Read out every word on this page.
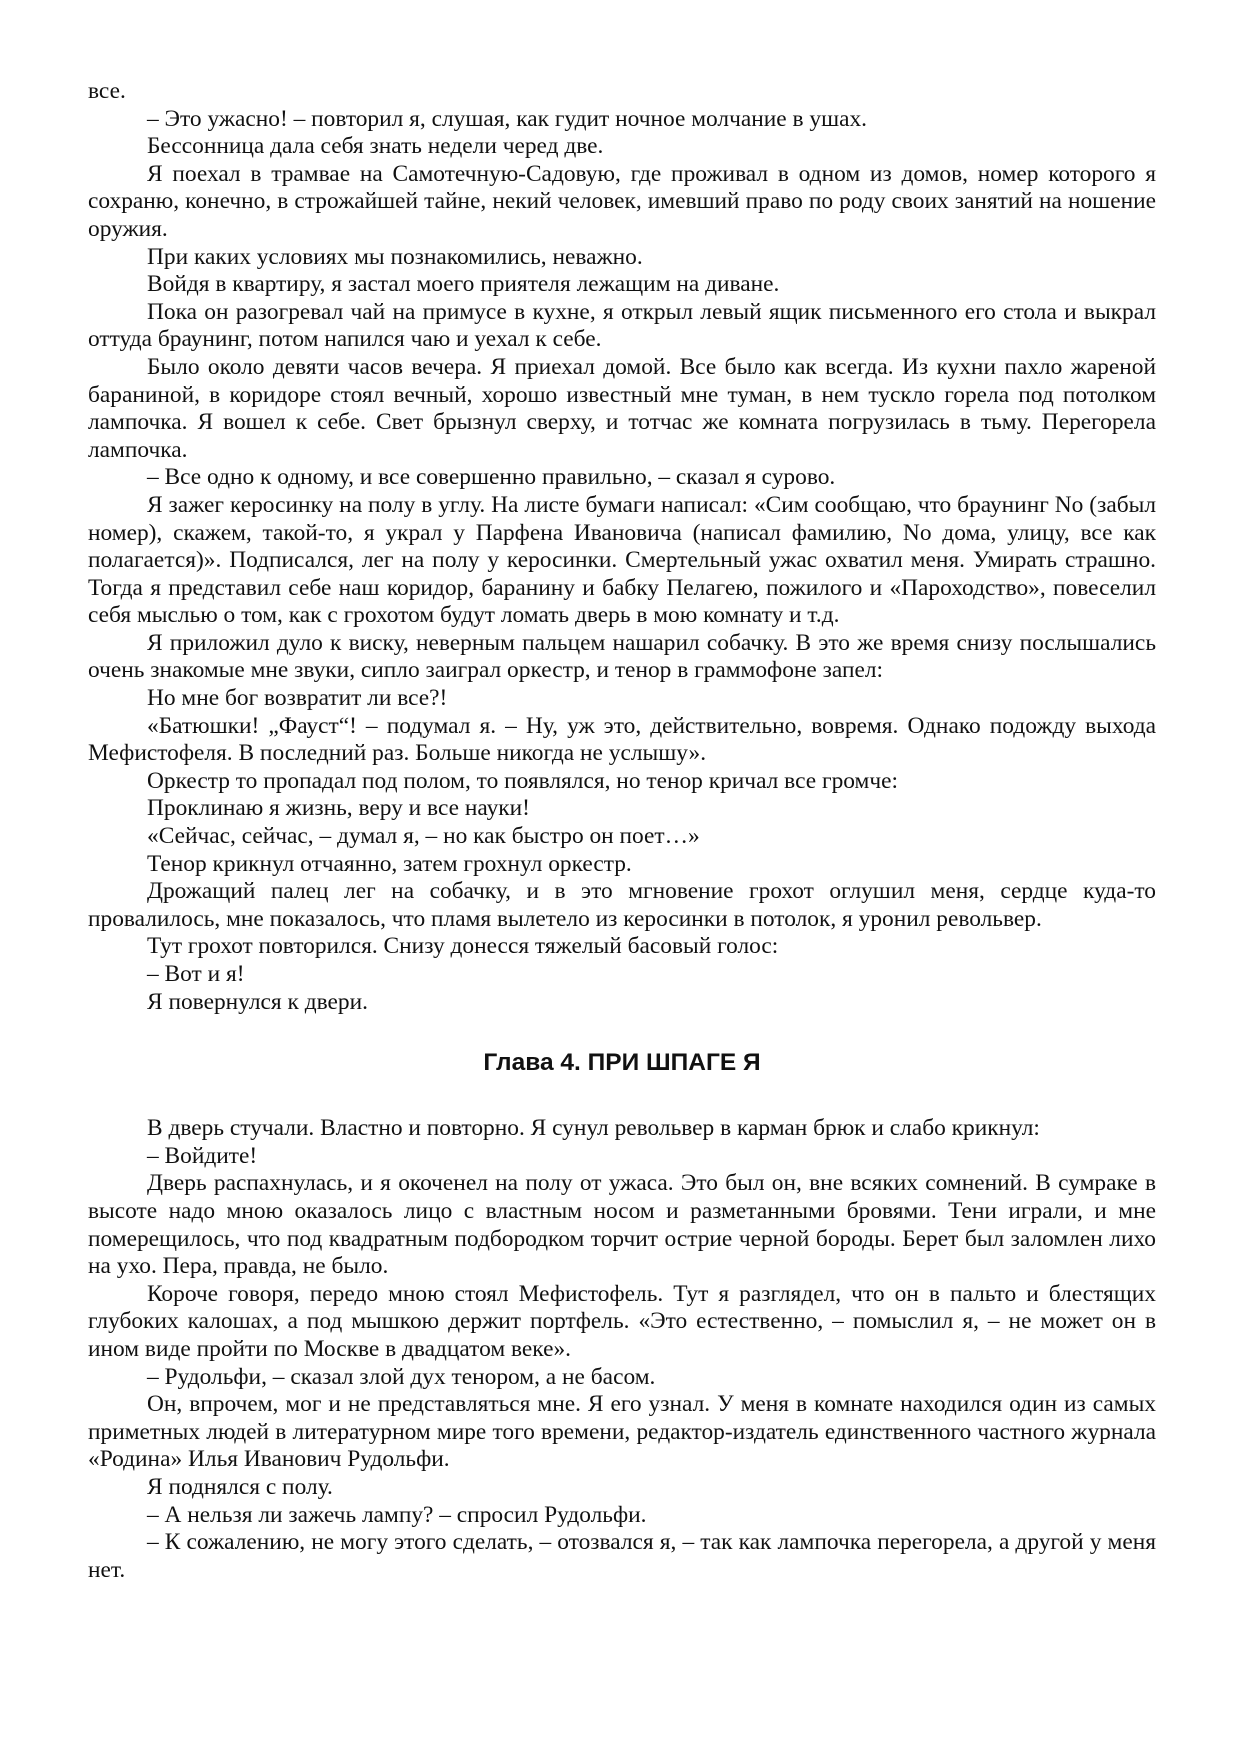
все.

– Это ужасно! – повторил я, слушая, как гудит ночное молчание в ушах.

Бессонница дала себя знать недели черед две.

Я поехал в трамвае на Самотечную-Садовую, где проживал в одном из домов, номер которого я сохраню, конечно, в строжайшей тайне, некий человек, имевший право по роду своих занятий на ношение оружия.

При каких условиях мы познакомились, неважно.

Войдя в квартиру, я застал моего приятеля лежащим на диване.

Пока он разогревал чай на примусе в кухне, я открыл левый ящик письменного его стола и выкрал оттуда браунинг, потом напился чаю и уехал к себе.

Было около девяти часов вечера. Я приехал домой. Все было как всегда. Из кухни пахло жареной бараниной, в коридоре стоял вечный, хорошо известный мне туман, в нем тускло горела под потолком лампочка. Я вошел к себе. Свет брызнул сверху, и тотчас же комната погрузилась в тьму. Перегорела лампочка.

– Все одно к одному, и все совершенно правильно, – сказал я сурово.

Я зажег керосинку на полу в углу. На листе бумаги написал: «Сим сообщаю, что браунинг No (забыл номер), скажем, такой-то, я украл у Парфена Ивановича (написал фамилию, No дома, улицу, все как полагается)». Подписался, лег на полу у керосинки. Смертельный ужас охватил меня. Умирать страшно. Тогда я представил себе наш коридор, баранину и бабку Пелагею, пожилого и «Пароходство», повеселил себя мыслью о том, как с грохотом будут ломать дверь в мою комнату и т.д.

Я приложил дуло к виску, неверным пальцем нашарил собачку. В это же время снизу послышались очень знакомые мне звуки, сипло заиграл оркестр, и тенор в граммофоне запел:

Но мне бог возвратит ли все?!

«Батюшки! „Фауст“! – подумал я. – Ну, уж это, действительно, вовремя. Однако подожду выхода Мефистофеля. В последний раз. Больше никогда не услышу».

Оркестр то пропадал под полом, то появлялся, но тенор кричал все громче:

Проклинаю я жизнь, веру и все науки!

«Сейчас, сейчас, – думал я, – но как быстро он поет…»

Тенор крикнул отчаянно, затем грохнул оркестр.

Дрожащий палец лег на собачку, и в это мгновение грохот оглушил меня, сердце куда-то провалилось, мне показалось, что пламя вылетело из керосинки в потолок, я уронил револьвер.

Тут грохот повторился. Снизу донесся тяжелый басовый голос:

– Вот и я!

Я повернулся к двери.

Глава 4. ПРИ ШПАГЕ Я

В дверь стучали. Властно и повторно. Я сунул револьвер в карман брюк и слабо крикнул:

– Войдите!

Дверь распахнулась, и я окоченел на полу от ужаса. Это был он, вне всяких сомнений. В сумраке в высоте надо мною оказалось лицо с властным носом и разметанными бровями. Тени играли, и мне померещилось, что под квадратным подбородком торчит острие черной бороды. Берет был заломлен лихо на ухо. Пера, правда, не было.

Короче говоря, передо мною стоял Мефистофель. Тут я разглядел, что он в пальто и блестящих глубоких калошах, а под мышкою держит портфель. «Это естественно, – помыслил я, – не может он в ином виде пройти по Москве в двадцатом веке».

– Рудольфи, – сказал злой дух тенором, а не басом.

Он, впрочем, мог и не представляться мне. Я его узнал. У меня в комнате находился один из самых приметных людей в литературном мире того времени, редактор-издатель единственного частного журнала «Родина» Илья Иванович Рудольфи.

Я поднялся с полу.

– А нельзя ли зажечь лампу? – спросил Рудольфи.

– К сожалению, не могу этого сделать, – отозвался я, – так как лампочка перегорела, а другой у меня нет.
